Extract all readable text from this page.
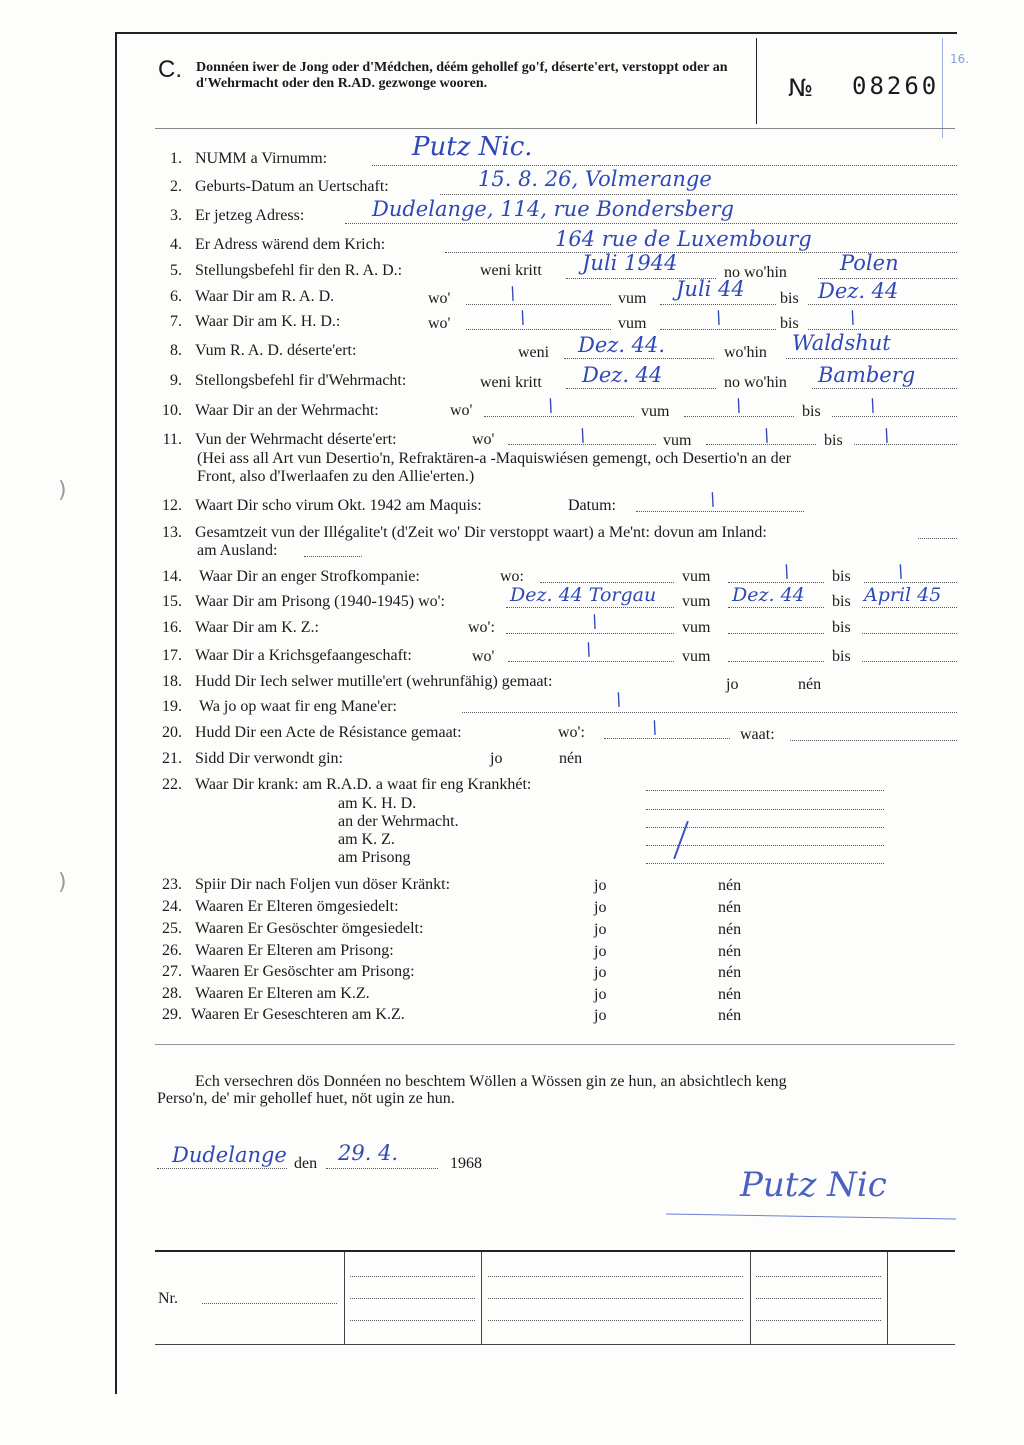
)
)
C. Donnéen iwer de Jong oder d'Médchen, déém gehollef go'f, déserte'ert, verstoppt oder an d'Wehrmacht oder den R.AD. gezwonge wooren.	№ 08260
16.
1. NUMM a Virnumm:	Putz Nic.
2. Geburts-Datum an Uertschaft:	15. 8. 26, Volmerange
3. Er jetzeg Adress:	Dudelange, 114, rue Bondersberg
4. Er Adress wärend dem Krich:	164 rue de Luxembourg
5. Stellungsbefehl fir den R. A. D.:	weni kritt Juli 1944	no wo'hin	Polen
6. Waar Dir am R. A. D.	wo'	/	vum Juli 44 bis Dez. 44
7. Waar Dir am K. H. D.:	wo'	/	vum	/	bis	/
8. Vum R. A. D. déserte'ert:	weni Dez. 44.	wo'hin Waldshut
9. Stellongsbefehl fir d'Wehrmacht:	weni kritt Dez. 44	no wo'hin Bamberg
10. Waar Dir an der Wehrmacht:	wo'	/	vum	/	bis	/
11. Vun der Wehrmacht déserte'ert:	wo'	/	vum	/	bis /
(Hei ass all Art vun Desertio'n, Refraktären-a -Maquiswiésen gemengt, och Desertio'n an der
Front, also d'Iwerlaafen zu den Allie'erten.)
12. Waart Dir scho virum Okt. 1942 am Maquis:	Datum:	/
13. Gesamtzeit vun der Illégalite't (d'Zeit wo' Dir verstoppt waart) a Me'nt: dovun am Inland:
am Ausland:
14. Waar Dir an enger Strofkompanie:	wo:	vum	/ bis	/
15. Waar Dir am Prisong (1940-1945) wo':	Dez. 44 Torgau vum Dez. 44 bis April 45
16. Waar Dir am K. Z.:	wo':	/	vum	bis
17. Waar Dir a Krichsgefaangeschaft:	wo'	/	vum	bis
18. Hudd Dir Iech selwer mutille'ert (wehrunfähig) gemaat:	jo	nén
19. Wa jo op waat fir eng Mane'er:	/
20. Hudd Dir een Acte de Résistance gemaat:	wo':	/	waat:
21. Sidd Dir verwondt gin:	jo	nén
22. Waar Dir krank: am R.A.D. a waat fir eng Krankhét:
am K. H. D.
an der Wehrmacht.
am K. Z.
am Prisong
23. Spiir Dir nach Foljen vun döser Kränkt:	jo	nén
24. Waaren Er Elteren ömgesiedelt:	jo	nén
25. Waaren Er Gesöschter ömgesiedelt:	jo	nén
26. Waaren Er Elteren am Prisong:	jo	nén
27. Waaren Er Gesöschter am Prisong:	jo	nén
28. Waaren Er Elteren am K.Z.	jo	nén
29. Waaren Er Geseschteren am K.Z.	jo	nén
Ech versechren dös Donnéen no beschtem Wöllen a Wössen gin ze hun, an absichtlech keng
Perso'n, de' mir gehollef huet, nöt ugin ze hun.
Dudelange den 29. 4.	1968
Putz Nic
Nr.
